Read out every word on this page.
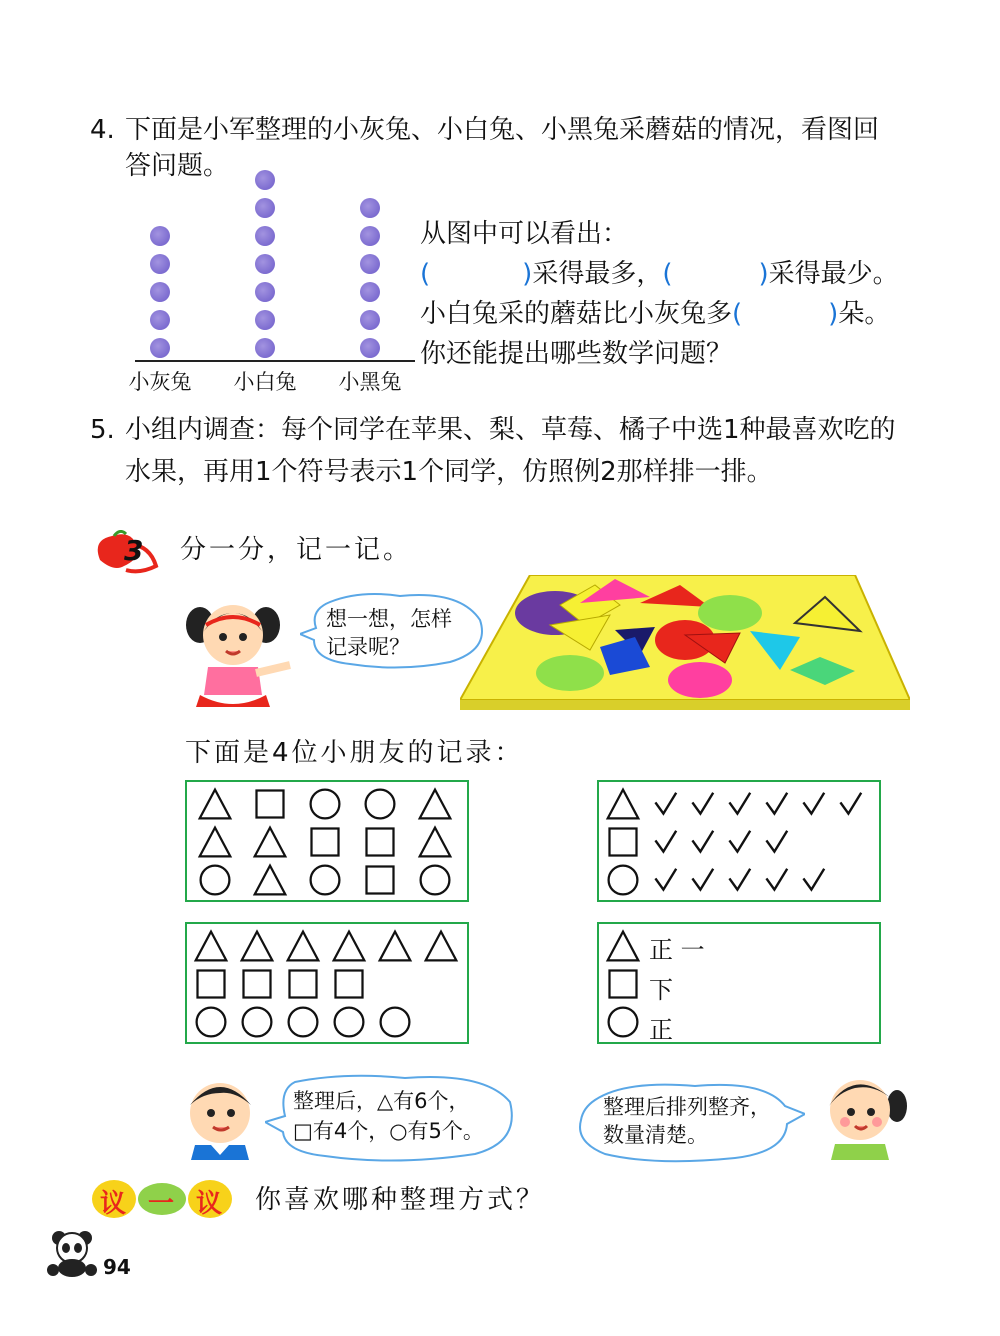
4. 下面是小军整理的小灰兔、小白兔、小黑兔采蘑菇的情况，看图回
答问题。
小灰兔	小白兔	小黑兔
从图中可以看出：
(	)采得最多，(	)采得最少。
小白兔采的蘑菇比小灰兔多(	)朵。
你还能提出哪些数学问题？
5. 小组内调查：每个同学在苹果、梨、草莓、橘子中选1种最喜欢吃的
水果，再用1个符号表示1个同学，仿照例2那样排一排。
3 分一分，记一记。
想一想，怎样
记录呢？
下面是4位小朋友的记录：
正 一
下
正
整理后，△有6个，
□有4个，○有5个。
整理后排列整齐，
数量清楚。
议 一 议 你喜欢哪种整理方式？
94
